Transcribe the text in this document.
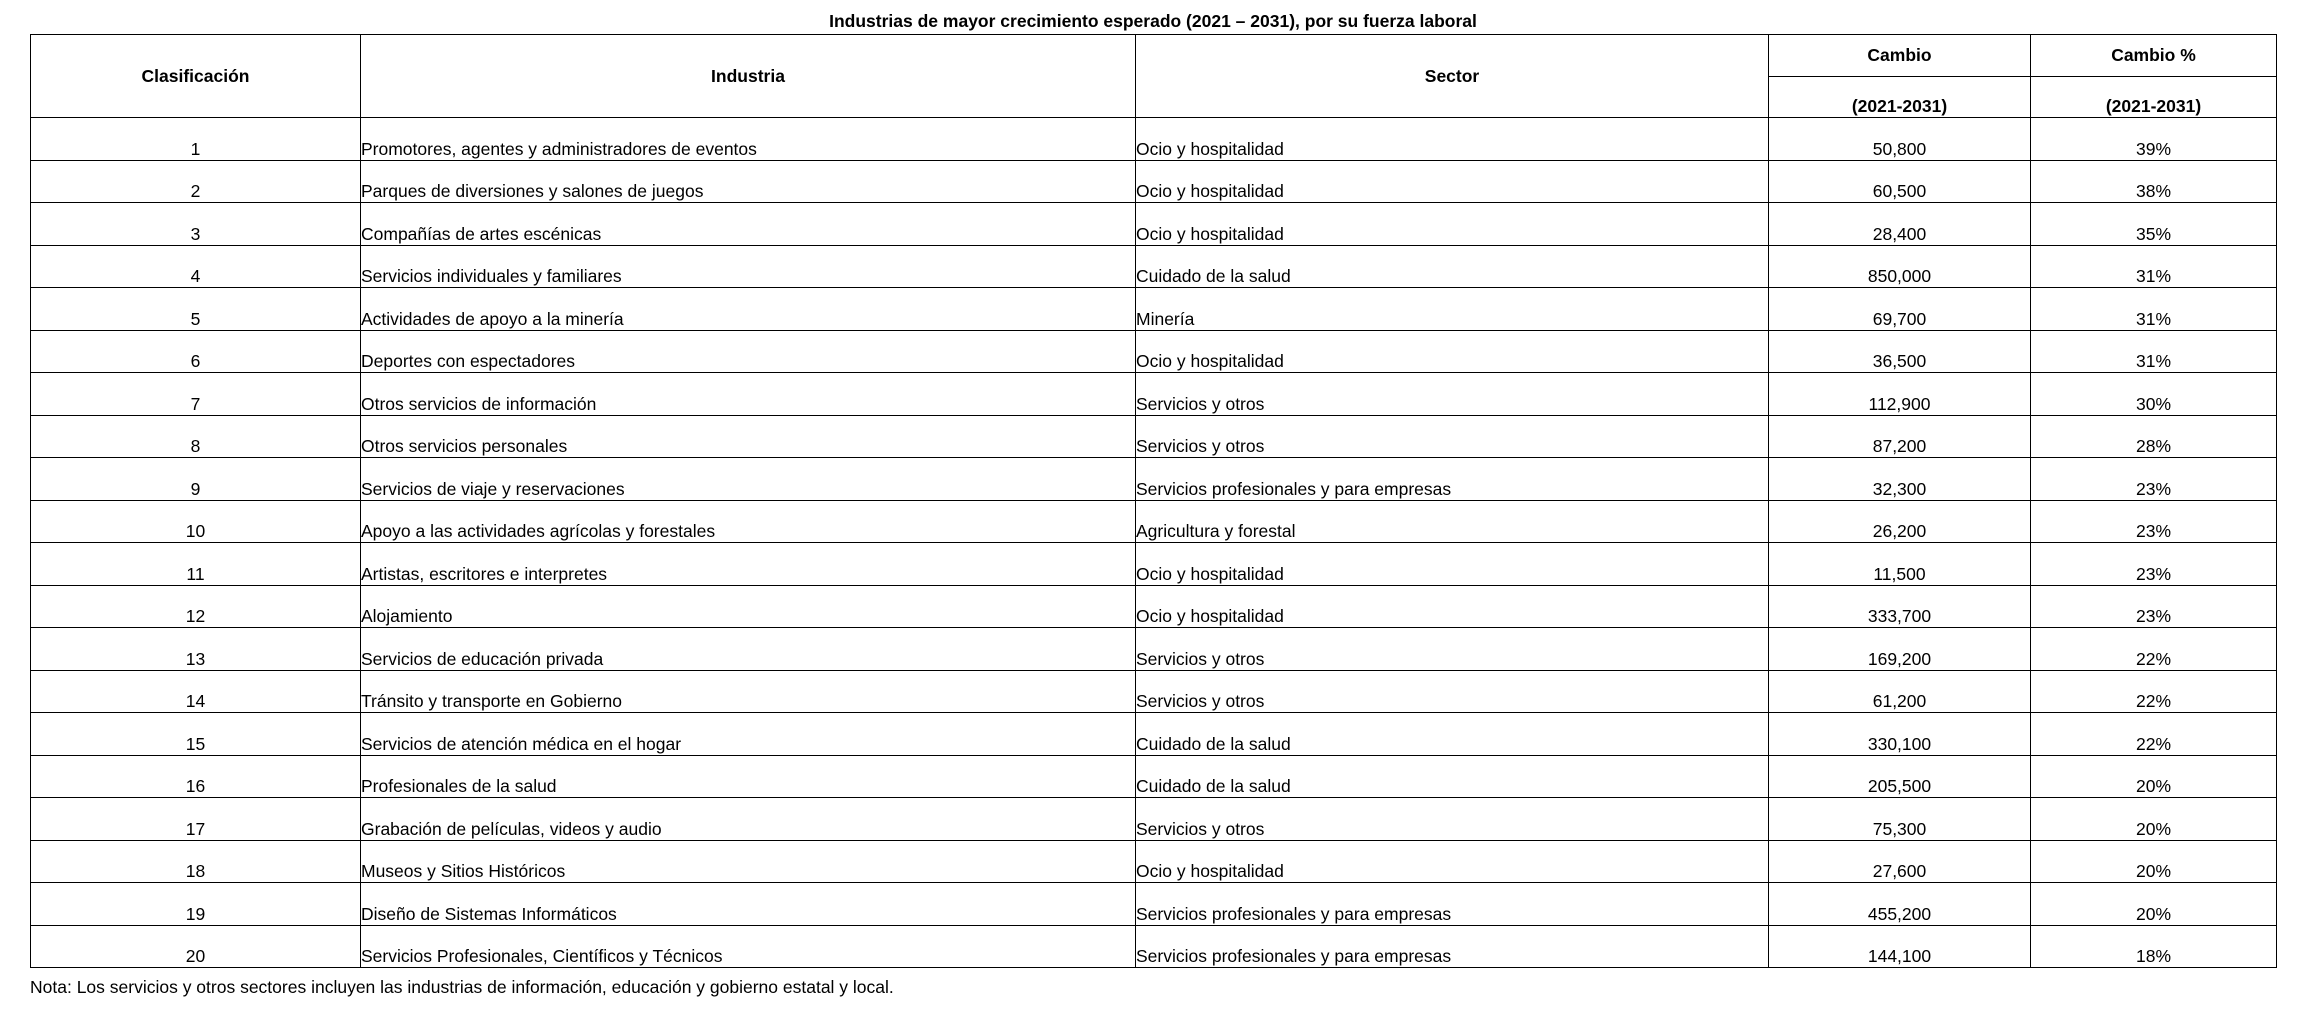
Industrias de mayor crecimiento esperado (2021 – 2031), por su fuerza laboral
Clasificación	Industria	Sector	Cambio	Cambio %
			(2021-2031)	(2021-2031)
1	Promotores, agentes y administradores de eventos	Ocio y hospitalidad	50,800	39%
2	Parques de diversiones y salones de juegos	Ocio y hospitalidad	60,500	38%
3	Compañías de artes escénicas	Ocio y hospitalidad	28,400	35%
4	Servicios individuales y familiares	Cuidado de la salud	850,000	31%
5	Actividades de apoyo a la minería	Minería	69,700	31%
6	Deportes con espectadores	Ocio y hospitalidad	36,500	31%
7	Otros servicios de información	Servicios y otros	112,900	30%
8	Otros servicios personales	Servicios y otros	87,200	28%
9	Servicios de viaje y reservaciones	Servicios profesionales y para empresas	32,300	23%
10	Apoyo a las actividades agrícolas y forestales	Agricultura y forestal	26,200	23%
11	Artistas, escritores e interpretes	Ocio y hospitalidad	11,500	23%
12	Alojamiento	Ocio y hospitalidad	333,700	23%
13	Servicios de educación privada	Servicios y otros	169,200	22%
14	Tránsito y transporte en Gobierno	Servicios y otros	61,200	22%
15	Servicios de atención médica en el hogar	Cuidado de la salud	330,100	22%
16	Profesionales de la salud	Cuidado de la salud	205,500	20%
17	Grabación de películas, videos y audio	Servicios y otros	75,300	20%
18	Museos y Sitios Históricos	Ocio y hospitalidad	27,600	20%
19	Diseño de Sistemas Informáticos	Servicios profesionales y para empresas	455,200	20%
20	Servicios Profesionales, Científicos y Técnicos	Servicios profesionales y para empresas	144,100	18%
Nota: Los servicios y otros sectores incluyen las industrias de información, educación y gobierno estatal y local.
